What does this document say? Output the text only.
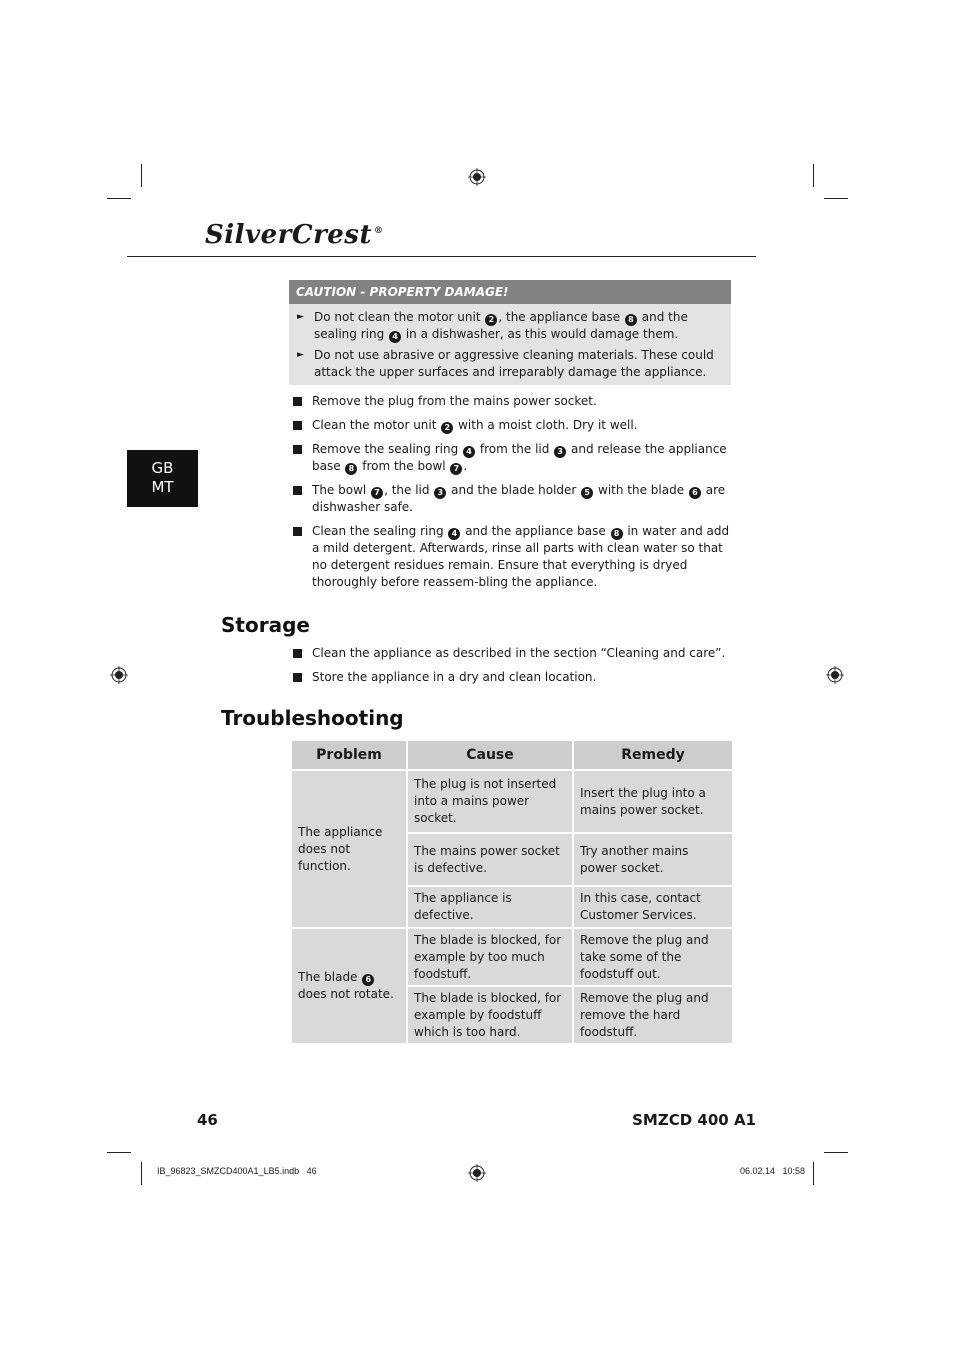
SilverCrest ®
GB
MT
CAUTION - PROPERTY DAMAGE!
► Do not clean the motor unit 2 , the appliance base 8 and the sealing ring 4 in a dishwasher, as this would damage them.
► Do not use abrasive or aggressive cleaning materials. These could attack the upper surfaces and irreparably damage the appliance.
Remove the plug from the mains power socket.
Clean the motor unit 2 with a moist cloth. Dry it well.
Remove the sealing ring 4 from the lid 3 and release the appliance base 8 from the bowl 7 .
The bowl 7 , the lid 3 and the blade holder 5 with the blade 6 are dishwasher safe.
Clean the sealing ring 4 and the appliance base 8 in water and add a mild detergent. Afterwards, rinse all parts with clean water so that no detergent residues remain. Ensure that everything is dryed thoroughly before reassem-bling the appliance.
Storage
Clean the appliance as described in the section “Cleaning and care”.
Store the appliance in a dry and clean location.
Troubleshooting
Problem	Cause	Remedy
The appliance does not function.	The plug is not inserted into a mains power socket.	Insert the plug into a mains power socket.
	The mains power socket is defective.	Try another mains power socket.
	The appliance is defective.	In this case, contact Customer Services.
The blade 6 does not rotate.	The blade is blocked, for example by too much foodstuff.	Remove the plug and take some of the foodstuff out.
	The blade is blocked, for example by foodstuff which is too hard.	Remove the plug and remove the hard foodstuff.
46	SMZCD 400 A1
IB_96823_SMZCD400A1_LB5.indb   46	06.02.14   10:58
